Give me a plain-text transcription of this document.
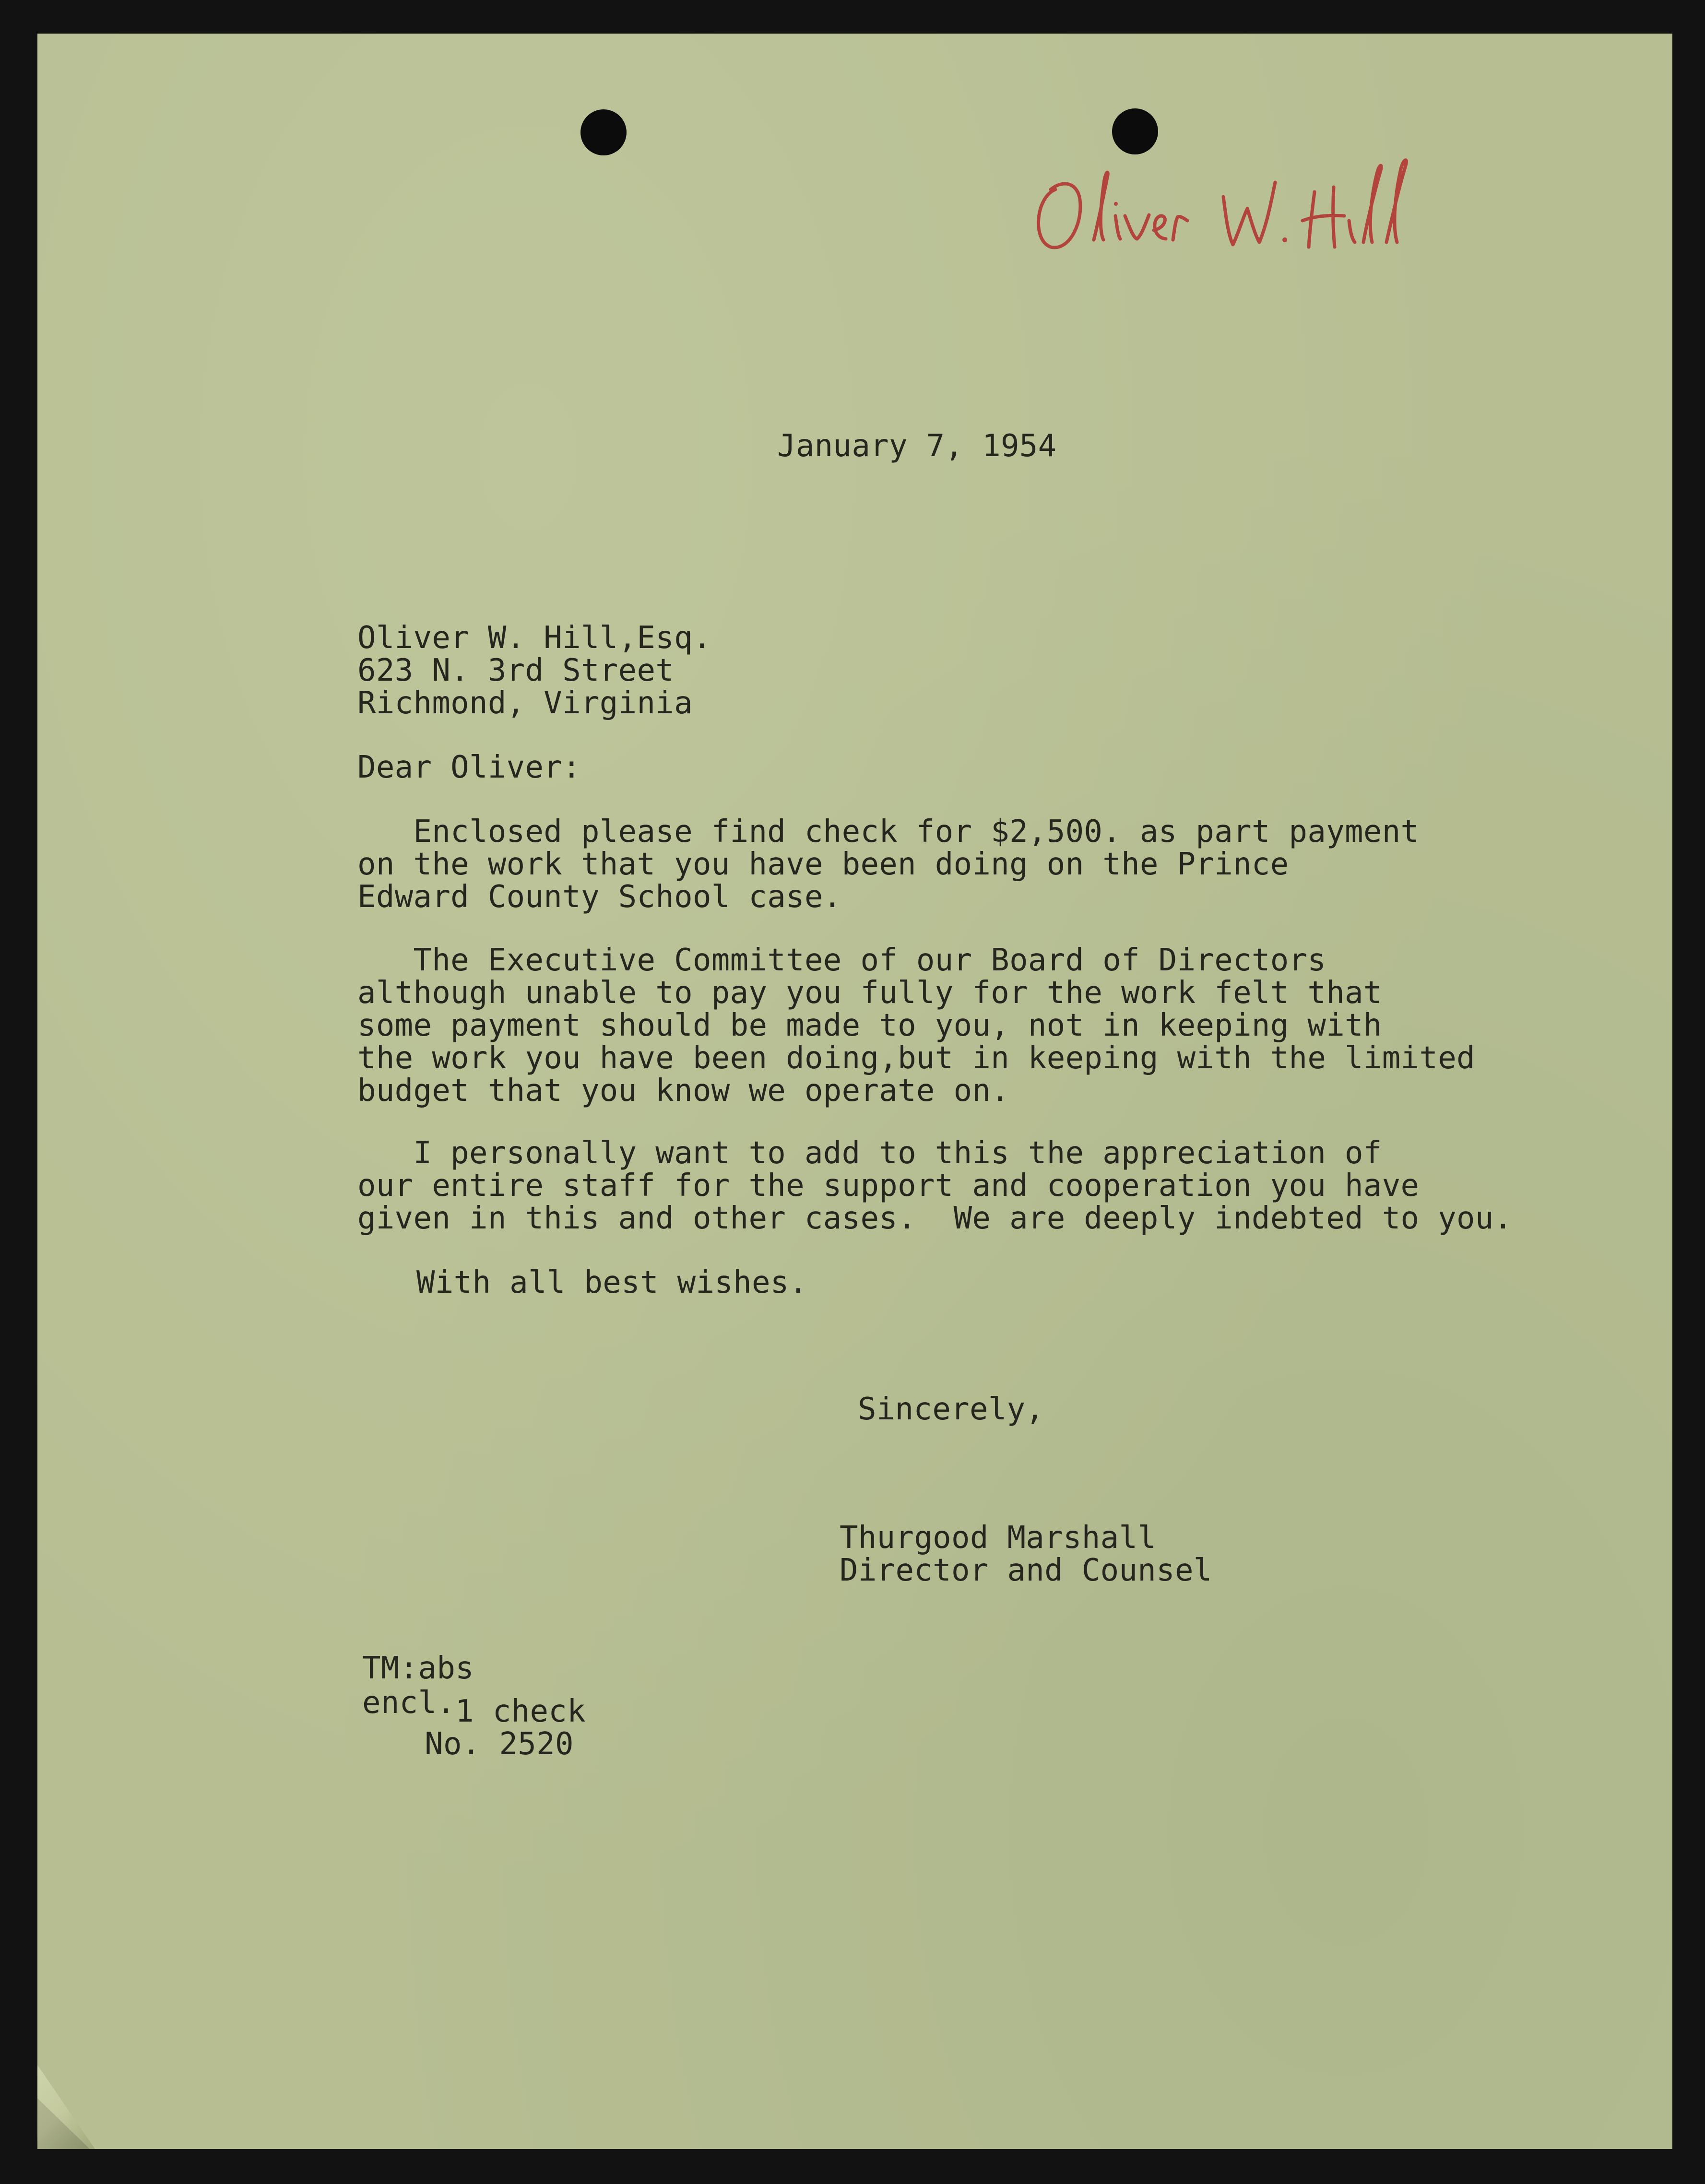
January 7, 1954

Oliver W. Hill,Esq.
623 N. 3rd Street
Richmond, Virginia

Dear Oliver:

Enclosed please find check for $2,500. as part payment
on the work that you have been doing on the Prince
Edward County School case.
The Executive Committee of our Board of Directors
although unable to pay you fully for the work felt that
some payment should be made to you, not in keeping with
the work you have been doing,but in keeping with the limited
budget that you know we operate on.
I personally want to add to this the appreciation of
our entire staff for the support and cooperation you have
given in this and other cases.  We are deeply indebted to you.

With all best wishes.

Sincerely,

Thurgood Marshall
Director and Counsel

TM:abs

encl. 1 check
No. 2520
